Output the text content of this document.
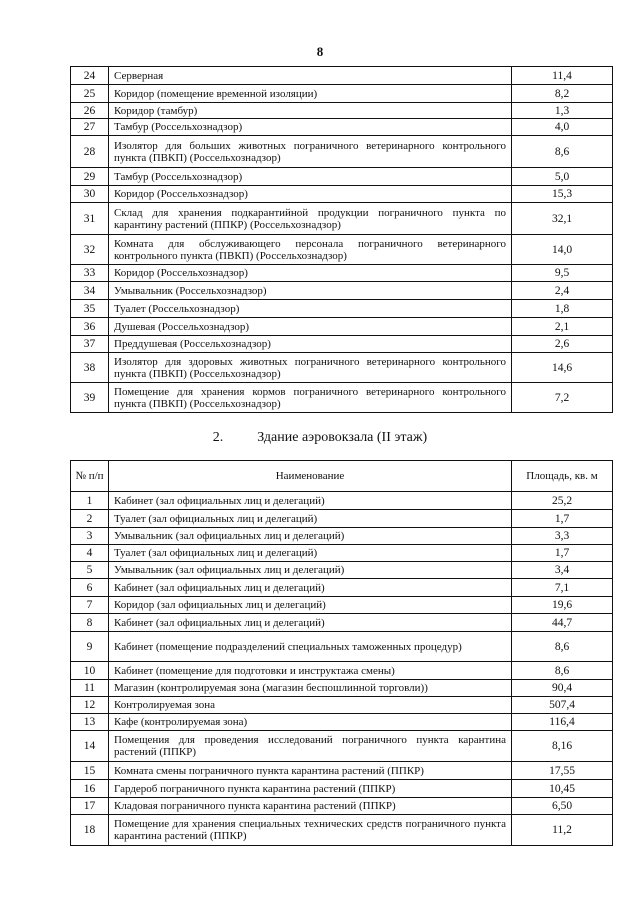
8
24	Серверная	11,4
25	Коридор (помещение временной изоляции)	8,2
26	Коридор (тамбур)	1,3
27	Тамбур (Россельхознадзор)	4,0
28	Изолятор для больших животных пограничного ветеринарного контрольного пункта (ПВКП) (Россельхознадзор)	8,6
29	Тамбур (Россельхознадзор)	5,0
30	Коридор (Россельхознадзор)	15,3
31	Склад для хранения подкарантийной продукции пограничного пункта по карантину растений (ППКР) (Россельхознадзор)	32,1
32	Комната для обслуживающего персонала пограничного ветеринарного контрольного пункта (ПВКП) (Россельхознадзор)	14,0
33	Коридор (Россельхознадзор)	9,5
34	Умывальник (Россельхознадзор)	2,4
35	Туалет (Россельхознадзор)	1,8
36	Душевая (Россельхознадзор)	2,1
37	Преддушевая (Россельхознадзор)	2,6
38	Изолятор для здоровых животных пограничного ветеринарного контрольного пункта (ПВКП) (Россельхознадзор)	14,6
39	Помещение для хранения кормов пограничного ветеринарного контрольного пункта (ПВКП) (Россельхознадзор)	7,2
2. Здание аэровокзала (II этаж)
№ п/п	Наименование	Площадь, кв. м
1	Кабинет (зал официальных лиц и делегаций)	25,2
2	Туалет (зал официальных лиц и делегаций)	1,7
3	Умывальник (зал официальных лиц и делегаций)	3,3
4	Туалет (зал официальных лиц и делегаций)	1,7
5	Умывальник (зал официальных лиц и делегаций)	3,4
6	Кабинет (зал официальных лиц и делегаций)	7,1
7	Коридор (зал официальных лиц и делегаций)	19,6
8	Кабинет (зал официальных лиц и делегаций)	44,7
9	Кабинет (помещение подразделений специальных таможенных процедур)	8,6
10	Кабинет (помещение для подготовки и инструктажа смены)	8,6
11	Магазин (контролируемая зона (магазин беспошлинной торговли))	90,4
12	Контролируемая зона	507,4
13	Кафе (контролируемая зона)	116,4
14	Помещения для проведения исследований пограничного пункта карантина растений (ППКР)	8,16
15	Комната смены пограничного пункта карантина растений (ППКР)	17,55
16	Гардероб пограничного пункта карантина растений (ППКР)	10,45
17	Кладовая пограничного пункта карантина растений (ППКР)	6,50
18	Помещение для хранения специальных технических средств пограничного пункта карантина растений (ППКР)	11,2
